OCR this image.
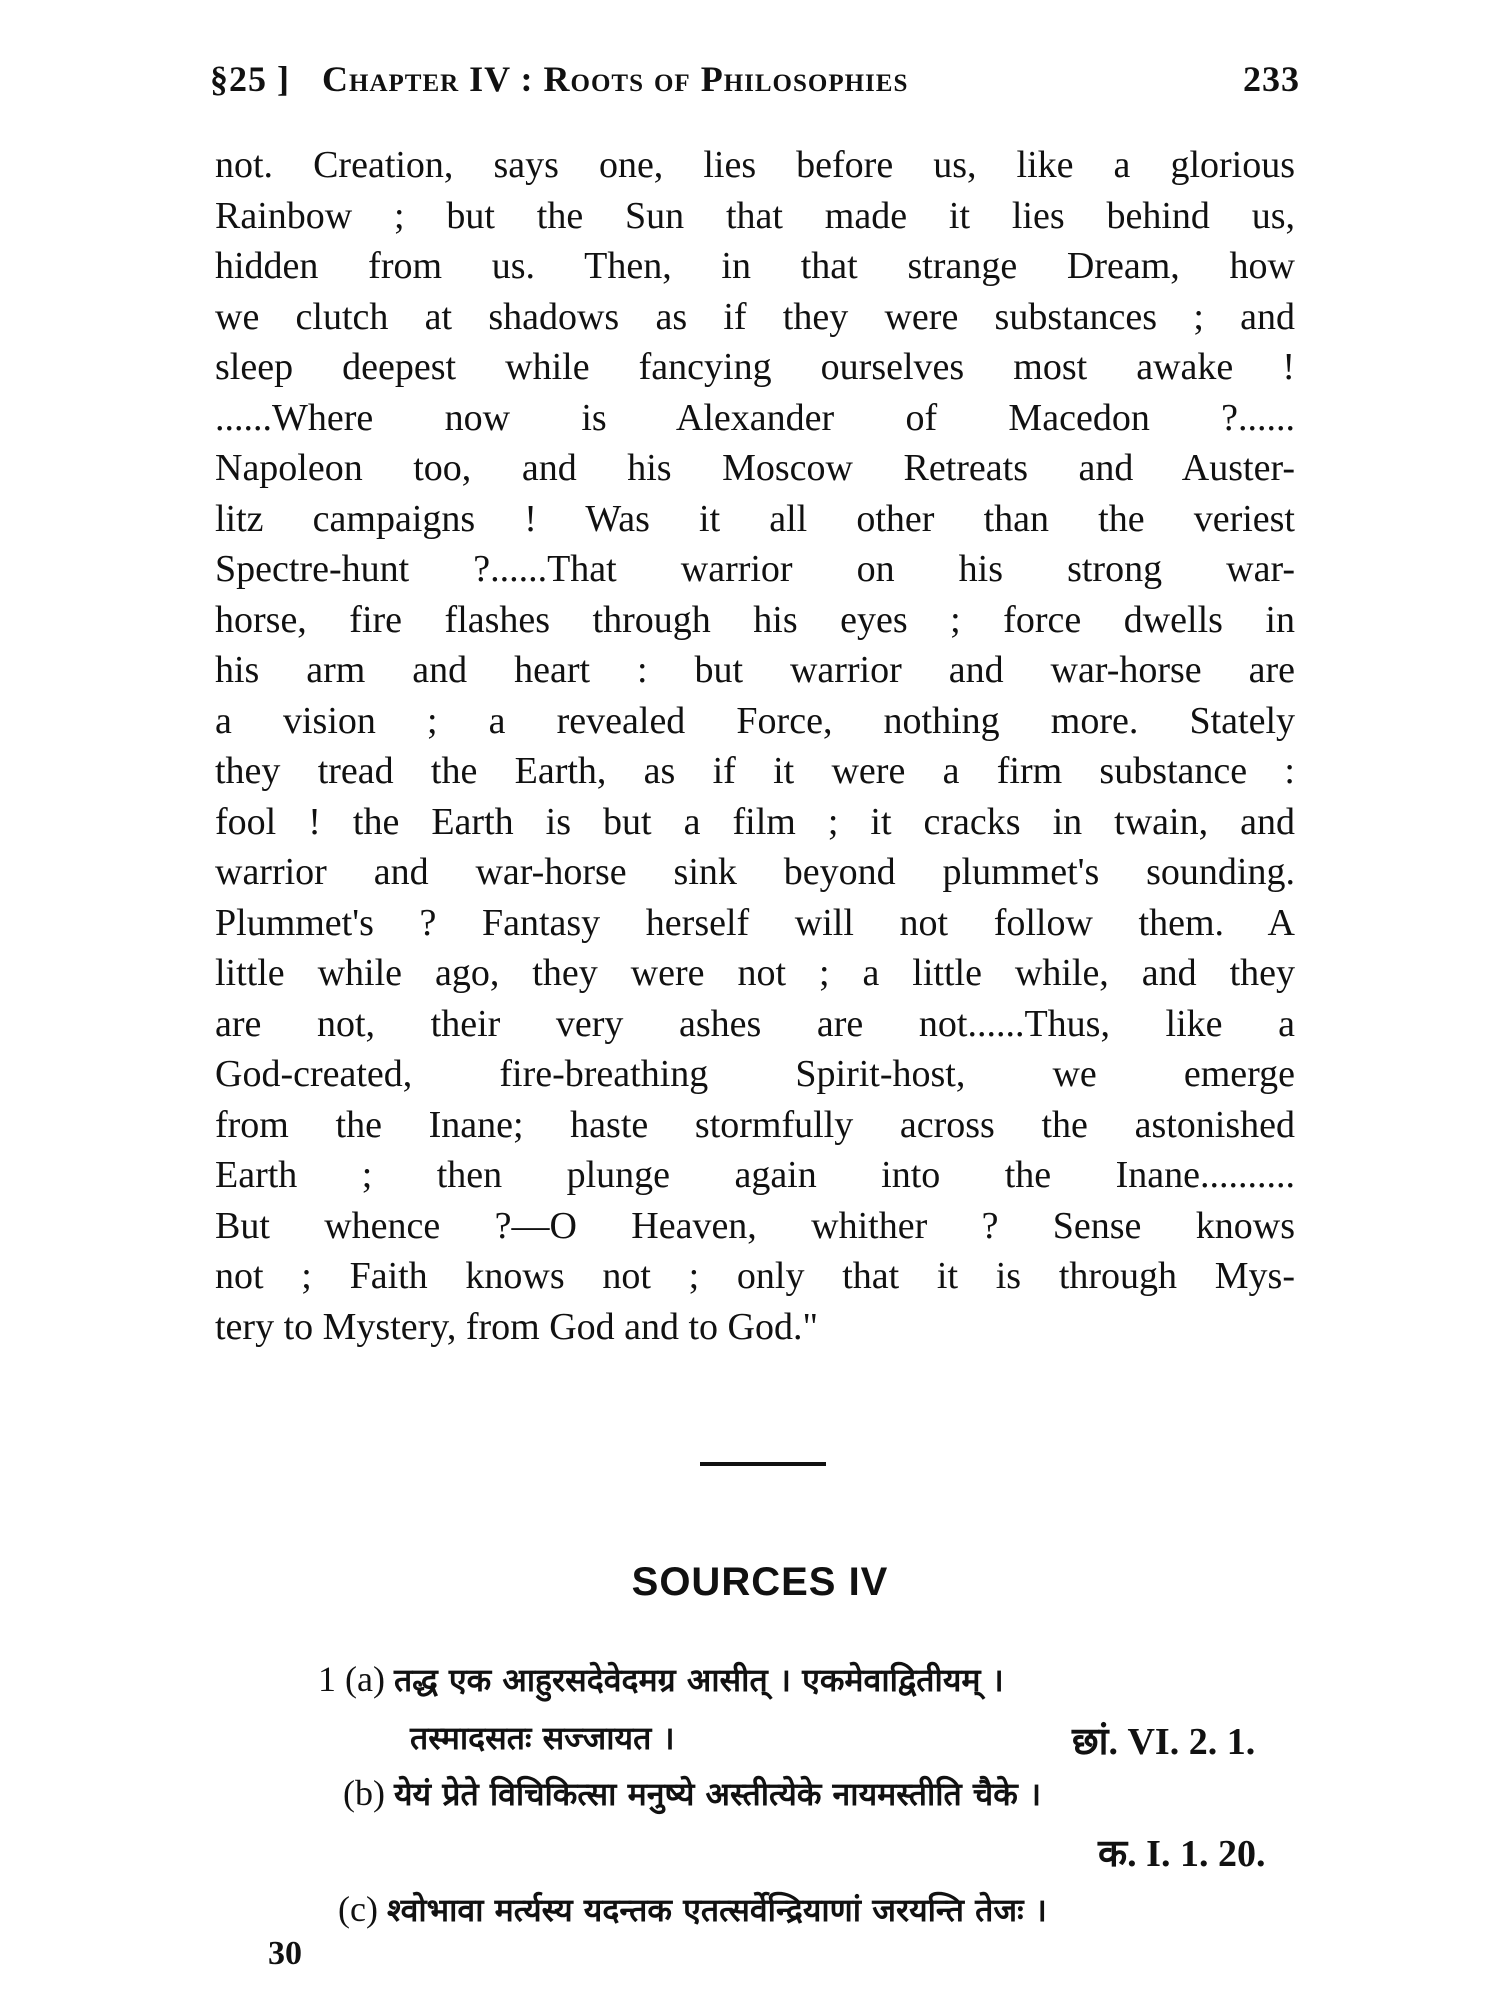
§25 ] Chapter IV : Roots of Philosophies	233
not. Creation, says one, lies before us, like a glorious
Rainbow ; but the Sun that made it lies behind us,
hidden from us. Then, in that strange Dream, how
we clutch at shadows as if they were substances ; and
sleep deepest while fancying ourselves most awake !
......Where now is Alexander of Macedon ?......
Napoleon too, and his Moscow Retreats and Auster-
litz campaigns ! Was it all other than the veriest
Spectre-hunt ?......That warrior on his strong war-
horse, fire flashes through his eyes ; force dwells in
his arm and heart : but warrior and war-horse are
a vision ; a revealed Force, nothing more. Stately
they tread the Earth, as if it were a firm substance :
fool ! the Earth is but a film ; it cracks in twain, and
warrior and war-horse sink beyond plummet's sounding.
Plummet's ? Fantasy herself will not follow them. A
little while ago, they were not ; a little while, and they
are not, their very ashes are not......Thus, like a
God-created, fire-breathing Spirit-host, we emerge
from the Inane; haste stormfully across the astonished
Earth ; then plunge again into the Inane..........
But whence ?—O Heaven, whither ? Sense knows
not ; Faith knows not ; only that it is through Mys-
tery to Mystery, from God and to God."
SOURCES IV
1 (a) तद्ध एक आहुरसदेवेदमग्र आसीत् । एकमेवाद्वितीयम् ।
तस्मादसतः सज्जायत ।	छां. VI. 2. 1.
(b) येयं प्रेते विचिकित्सा मनुष्ये अस्तीत्येके नायमस्तीति चैके ।
क. I. 1. 20.
(c) श्वोभावा मर्त्यस्य यदन्तक एतत्सर्वेन्द्रियाणां जरयन्ति तेजः ।
30
